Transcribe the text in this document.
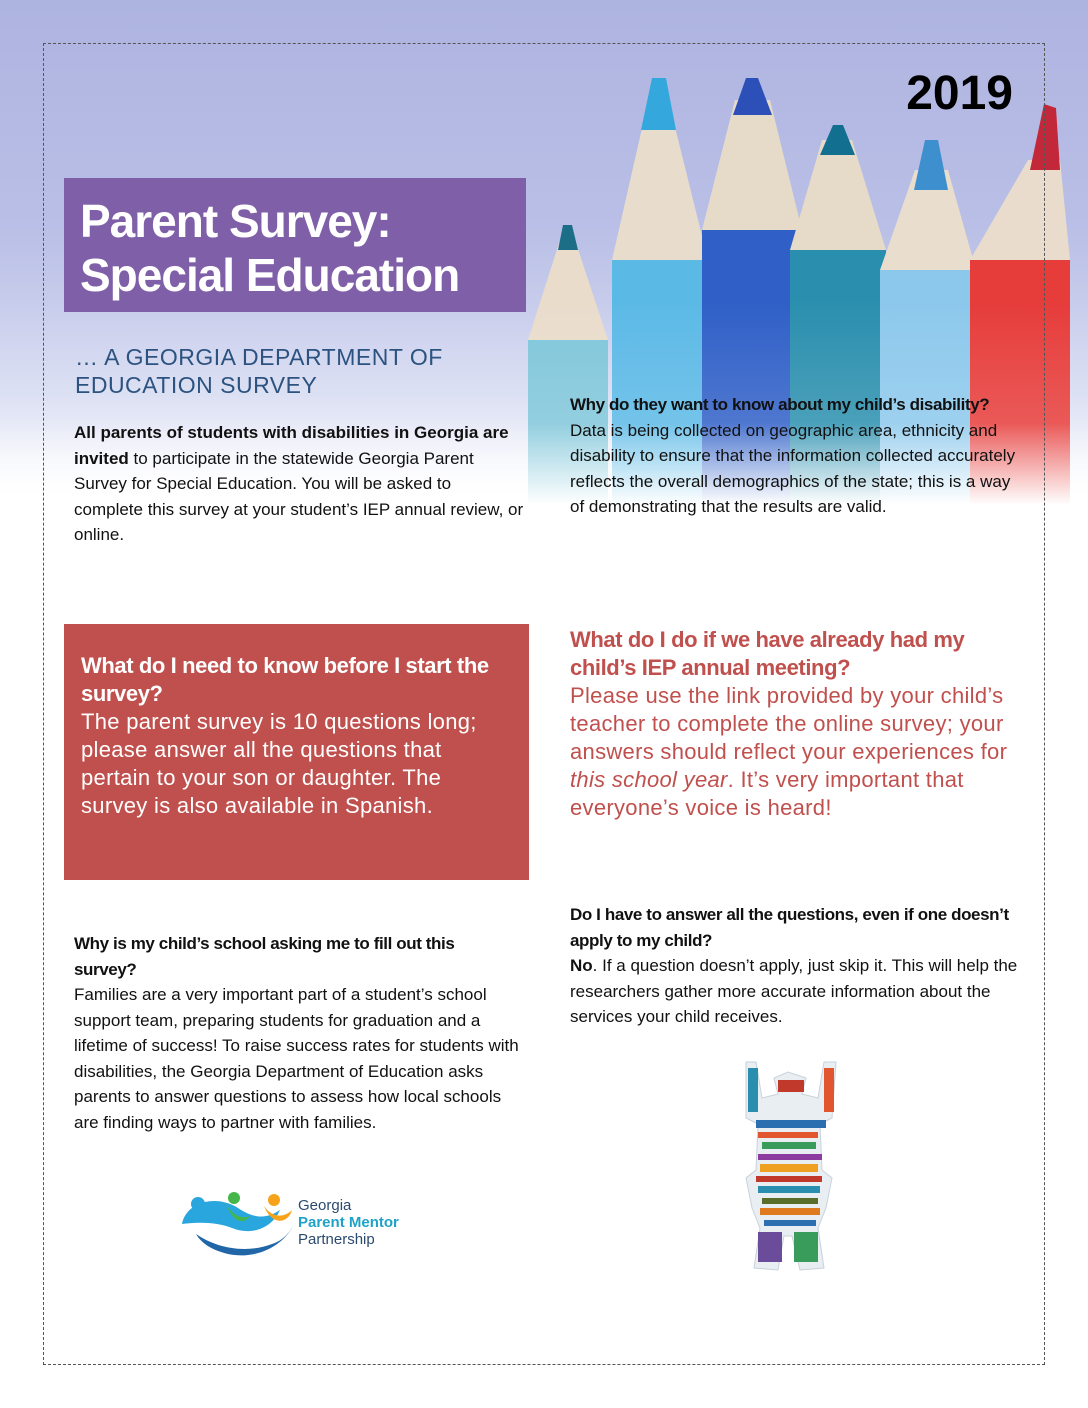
2019
Parent Survey:
Special Education
… A GEORGIA DEPARTMENT OF EDUCATION SURVEY
All parents of students with disabilities in Georgia are invited to participate in the statewide Georgia Parent Survey for Special Education. You will be asked to complete this survey at your student’s IEP annual review, or online.
Why do they want to know about my child’s disability?
Data is being collected on geographic area, ethnicity and disability to ensure that the information collected accurately reflects the overall demographics of the state; this is a way of demonstrating that the results are valid.
What do I need to know before I start the survey?
The parent survey is 10 questions long; please answer all the questions that pertain to your son or daughter. The survey is also available in Spanish.
What do I do if we have already had my child’s IEP annual meeting?
Please use the link provided by your child’s teacher to complete the online survey; your answers should reflect your experiences for this school year. It’s very important that everyone’s voice is heard!
Why is my child’s school asking me to fill out this survey?
Families are a very important part of a student’s school support team, preparing students for graduation and a lifetime of success! To raise success rates for students with disabilities, the Georgia Department of Education asks parents to answer questions to assess how local schools are finding ways to partner with families.
Do I have to answer all the questions, even if one doesn’t apply to my child?
No. If a question doesn’t apply, just skip it. This will help the researchers gather more accurate information about the services your child receives.
Georgia
Parent Mentor
Partnership
